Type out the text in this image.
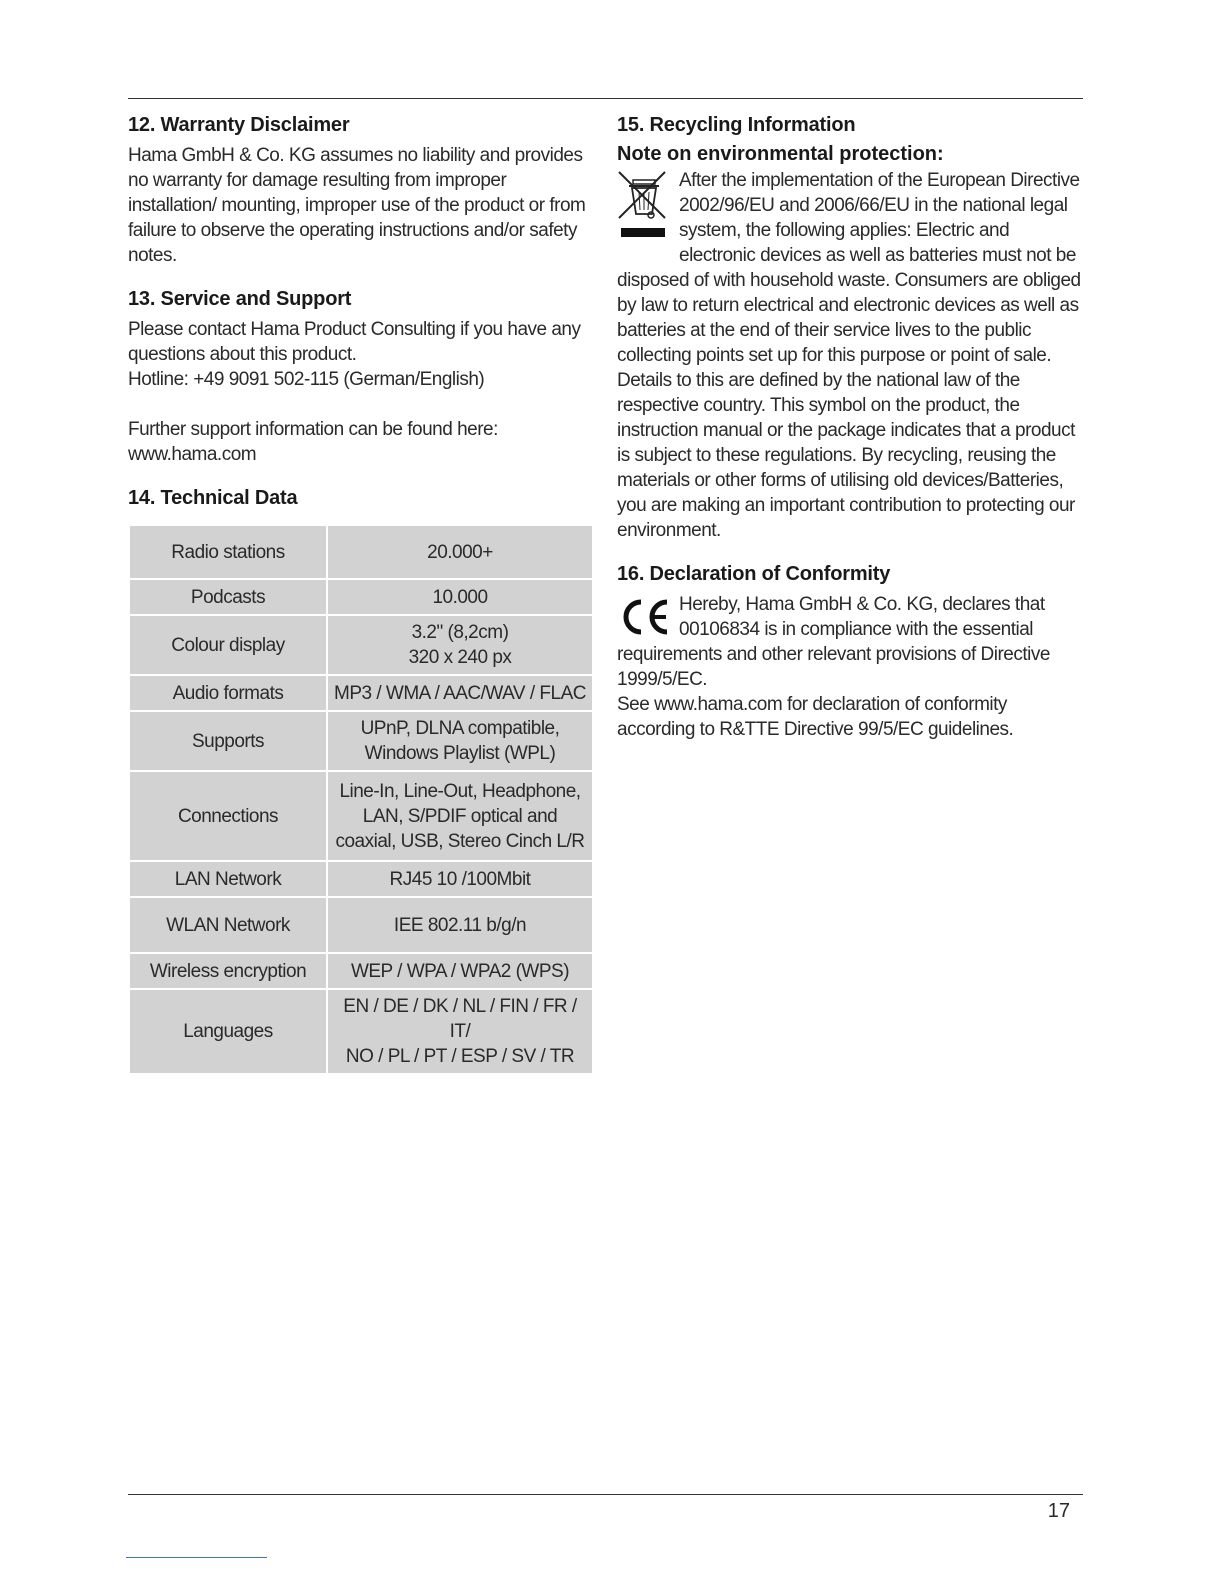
12. Warranty Disclaimer

Hama GmbH & Co. KG assumes no liability and provides no warranty for damage resulting from improper installation/ mounting, improper use of the product or from failure to observe the operating instructions and/or safety notes.

13. Service and Support

Please contact Hama Product Consulting if you have any questions about this product.

Hotline: +49 9091 502-115 (German/English)

Further support information can be found here:

www.hama.com

14. Technical Data
Radio stations	20.000+
Podcasts	10.000
Colour display	3.2" (8,2cm)
320 x 240 px

Audio formats	MP3 / WMA / AAC/WAV / FLAC
Supports	UPnP, DLNA compatible,
Windows Playlist (WPL)

Connections	Line-In, Line-Out, Headphone,
LAN, S/PDIF optical and
coaxial, USB, Stereo Cinch L/R

LAN Network	RJ45 10 /100Mbit
WLAN Network	IEE 802.11 b/g/n
Wireless encryption	WEP / WPA / WPA2 (WPS)
Languages	EN / DE / DK / NL / FIN / FR / IT/
NO / PL / PT / ESP / SV / TR
15. Recycling Information
Note on environmental protection:

After the implementation of the European Directive 2002/96/EU and 2006/66/EU in the national legal system, the following applies: Electric and electronic devices as well as batteries must not be disposed of with household waste. Consumers are obliged by law to return electrical and electronic devices as well as batteries at the end of their service lives to the public collecting points set up for this purpose or point of sale. Details to this are defined by the national law of the respective country. This symbol on the product, the instruction manual or the package indicates that a product is subject to these regulations. By recycling, reusing the materials or other forms of utilising old devices/Batteries, you are making an important contribution to protecting our environment.

16. Declaration of Conformity

Hereby, Hama GmbH & Co. KG, declares that 00106834 is in compliance with the essential requirements and other relevant provisions of Directive 1999/5/EC.

See www.hama.com for declaration of conformity according to R&TTE Directive 99/5/EC guidelines.

17
